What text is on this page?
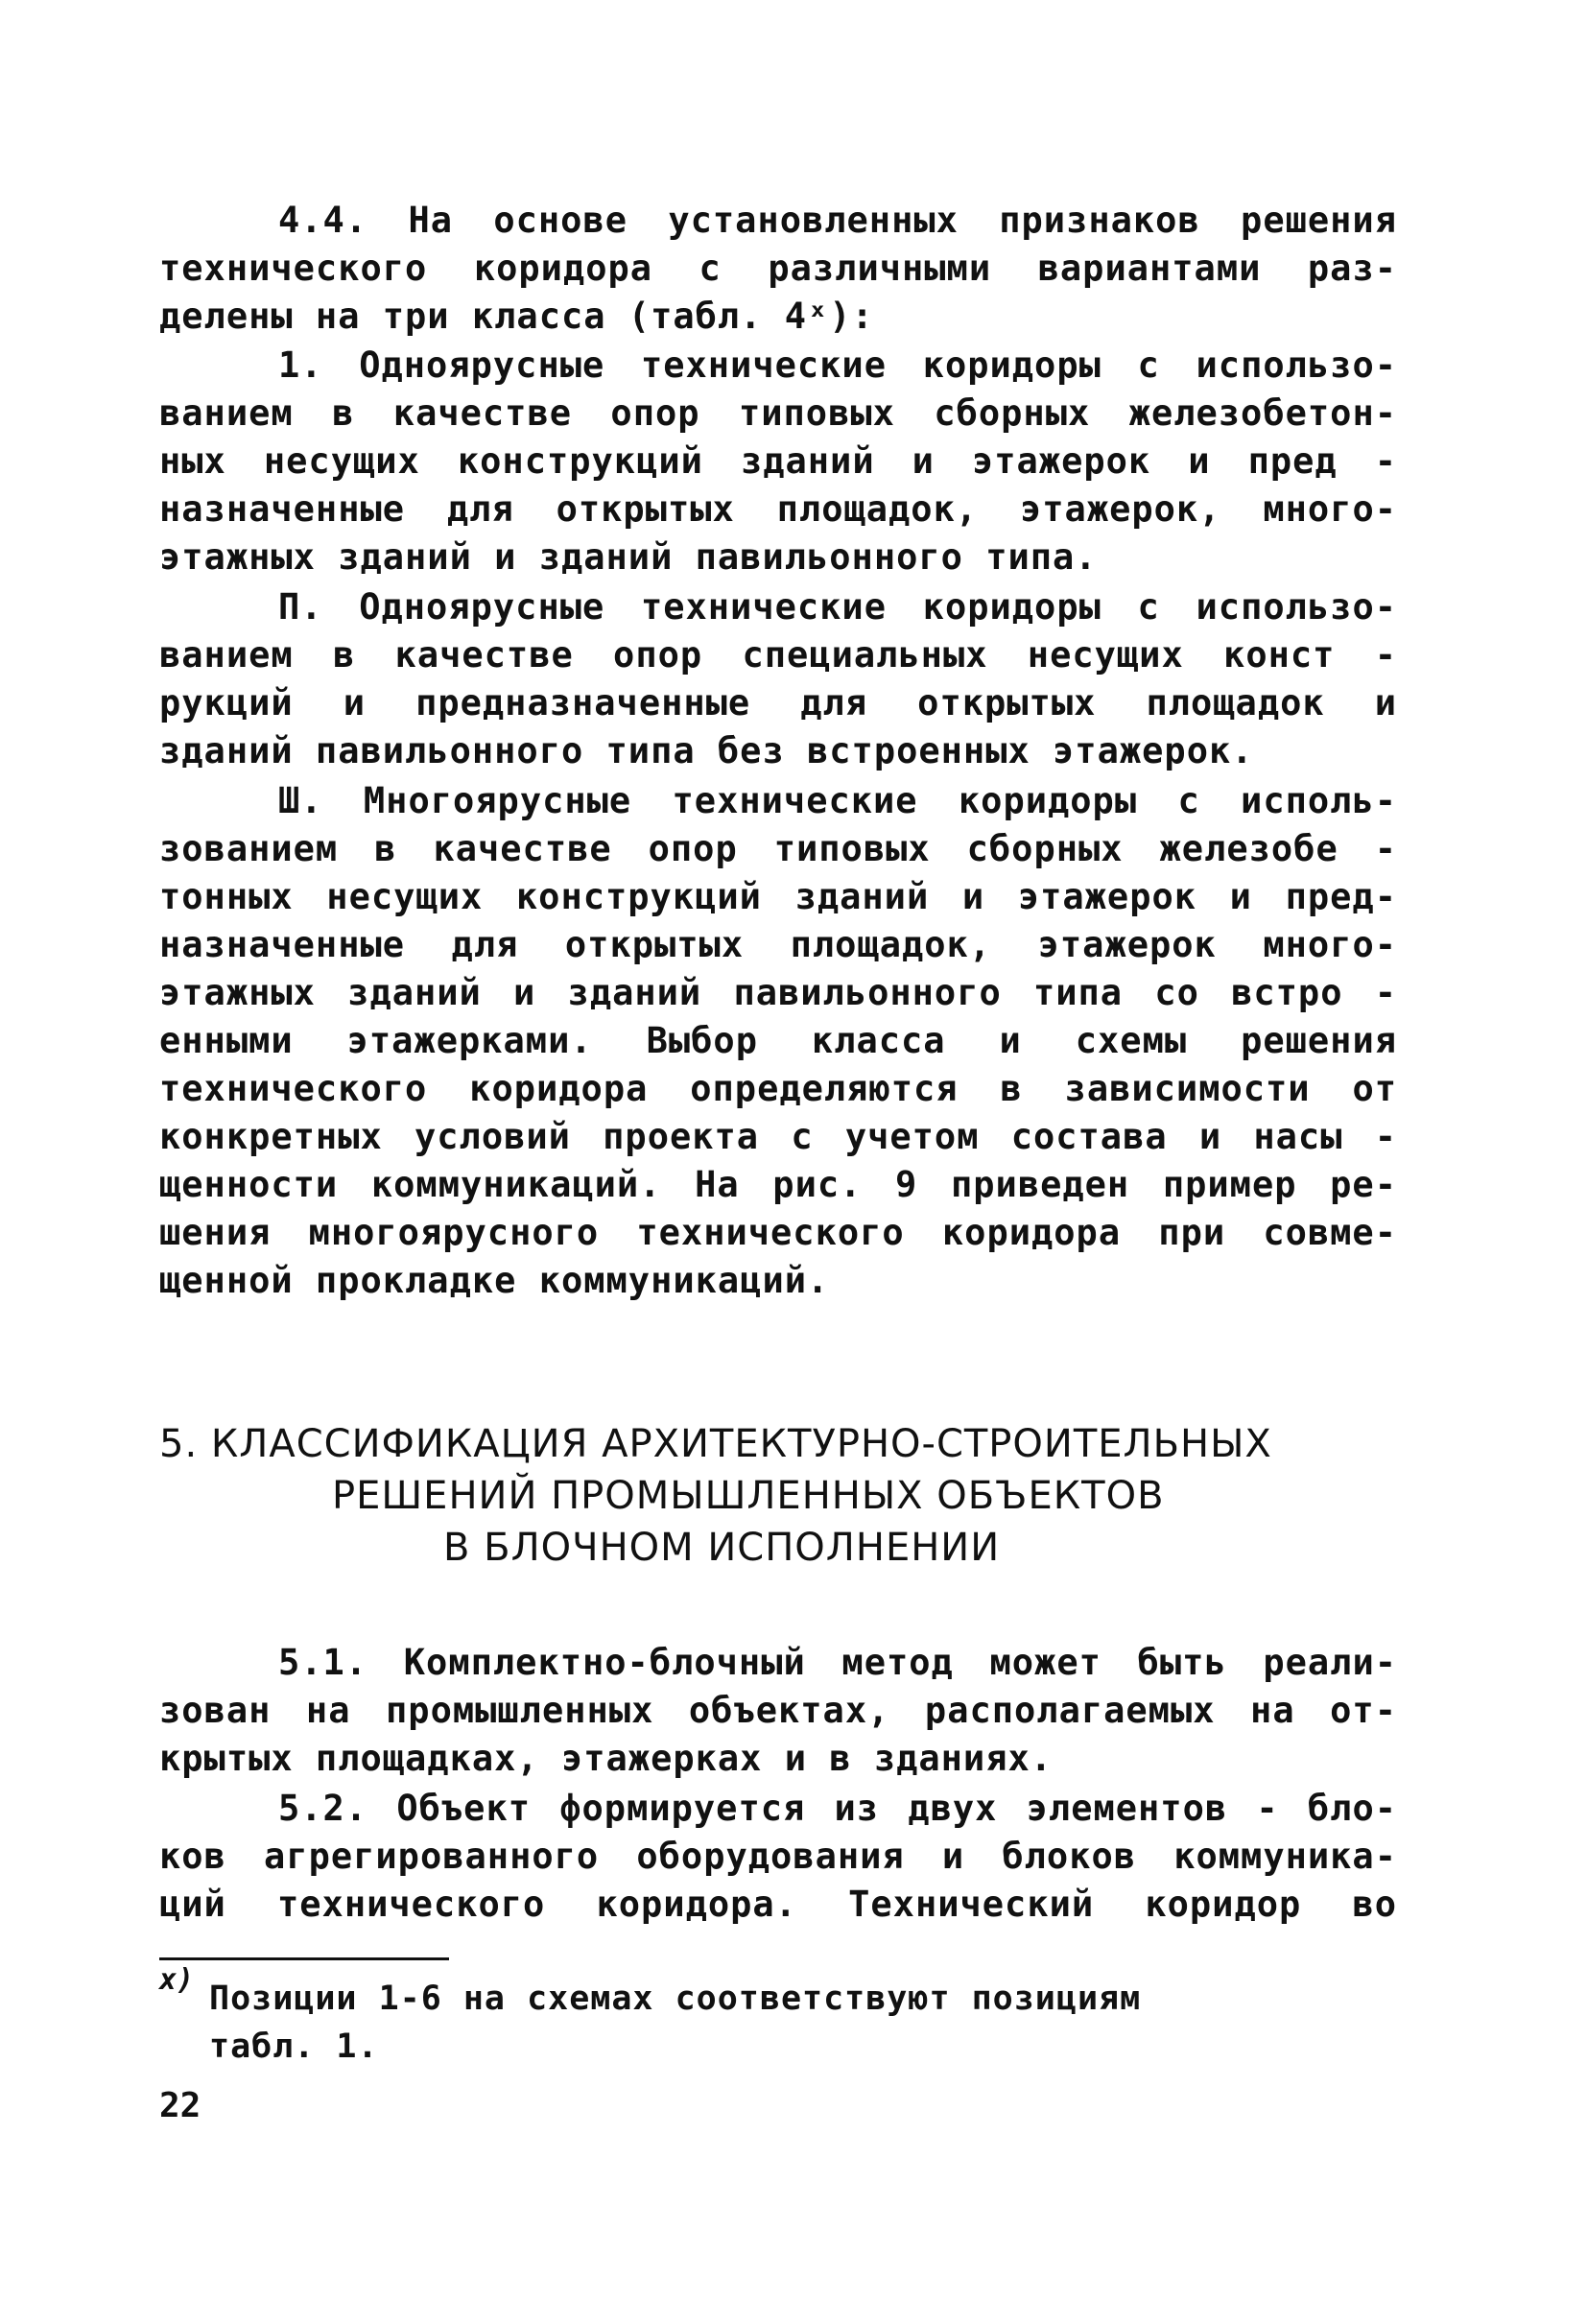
4.4. На основе установленных признаков решения
технического коридора с различными вариантами раз-
делены на три класса (табл. 4ˣ):
1. Одноярусные технические коридоры с использо-
ванием в качестве опор типовых сборных железобетон-
ных несущих конструкций зданий и этажерок и пред -
назначенные для открытых площадок, этажерок, много-
этажных зданий и зданий павильонного типа.
П. Одноярусные технические коридоры с использо-
ванием в качестве опор специальных несущих конст -
рукций и предназначенные для открытых площадок и
зданий павильонного типа без встроенных этажерок.
Ш. Многоярусные технические коридоры с исполь-
зованием в качестве опор типовых сборных железобе -
тонных несущих конструкций зданий и этажерок и пред-
назначенные для открытых площадок, этажерок много-
этажных зданий и зданий павильонного типа со встро -
енными этажерками. Выбор класса и схемы решения
технического коридора определяются в зависимости от
конкретных условий проекта с учетом состава и насы -
щенности коммуникаций. На рис. 9 приведен пример ре-
шения многоярусного технического коридора при совме-
щенной прокладке коммуникаций.
5. КЛАССИФИКАЦИЯ АРХИТЕКТУРНО-СТРОИТЕЛЬНЫХ
РЕШЕНИЙ ПРОМЫШЛЕННЫХ ОБЪЕКТОВ
В БЛОЧНОМ ИСПОЛНЕНИИ
5.1. Комплектно-блочный метод может быть реали-
зован на промышленных объектах, располагаемых на от-
крытых площадках, этажерках и в зданиях.
5.2. Объект формируется из двух элементов - бло-
ков агрегированного оборудования и блоков коммуника-
ций технического коридора. Технический коридор во
x) Позиции 1-6 на схемах соответствуют позициям
табл. 1.
22
